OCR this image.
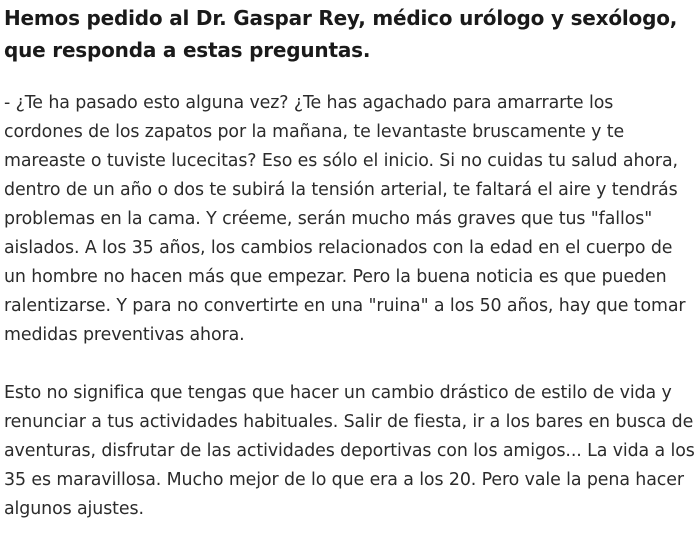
Hemos pedido al Dr. Gaspar Rey, médico urólogo y sexólogo, que responda a estas preguntas.

- ¿Te ha pasado esto alguna vez? ¿Te has agachado para amarrarte los cordones de los zapatos por la mañana, te levantaste bruscamente y te mareaste o tuviste lucecitas? Eso es sólo el inicio. Si no cuidas tu salud ahora, dentro de un año o dos te subirá la tensión arterial, te faltará el aire y tendrás problemas en la cama. Y créeme, serán mucho más graves que tus "fallos" aislados. A los 35 años, los cambios relacionados con la edad en el cuerpo de un hombre no hacen más que empezar. Pero la buena noticia es que pueden ralentizarse. Y para no convertirte en una "ruina" a los 50 años, hay que tomar medidas preventivas ahora.

Esto no significa que tengas que hacer un cambio drástico de estilo de vida y renunciar a tus actividades habituales. Salir de fiesta, ir a los bares en busca de aventuras, disfrutar de las actividades deportivas con los amigos... La vida a los 35 es maravillosa. Mucho mejor de lo que era a los 20. Pero vale la pena hacer algunos ajustes.
